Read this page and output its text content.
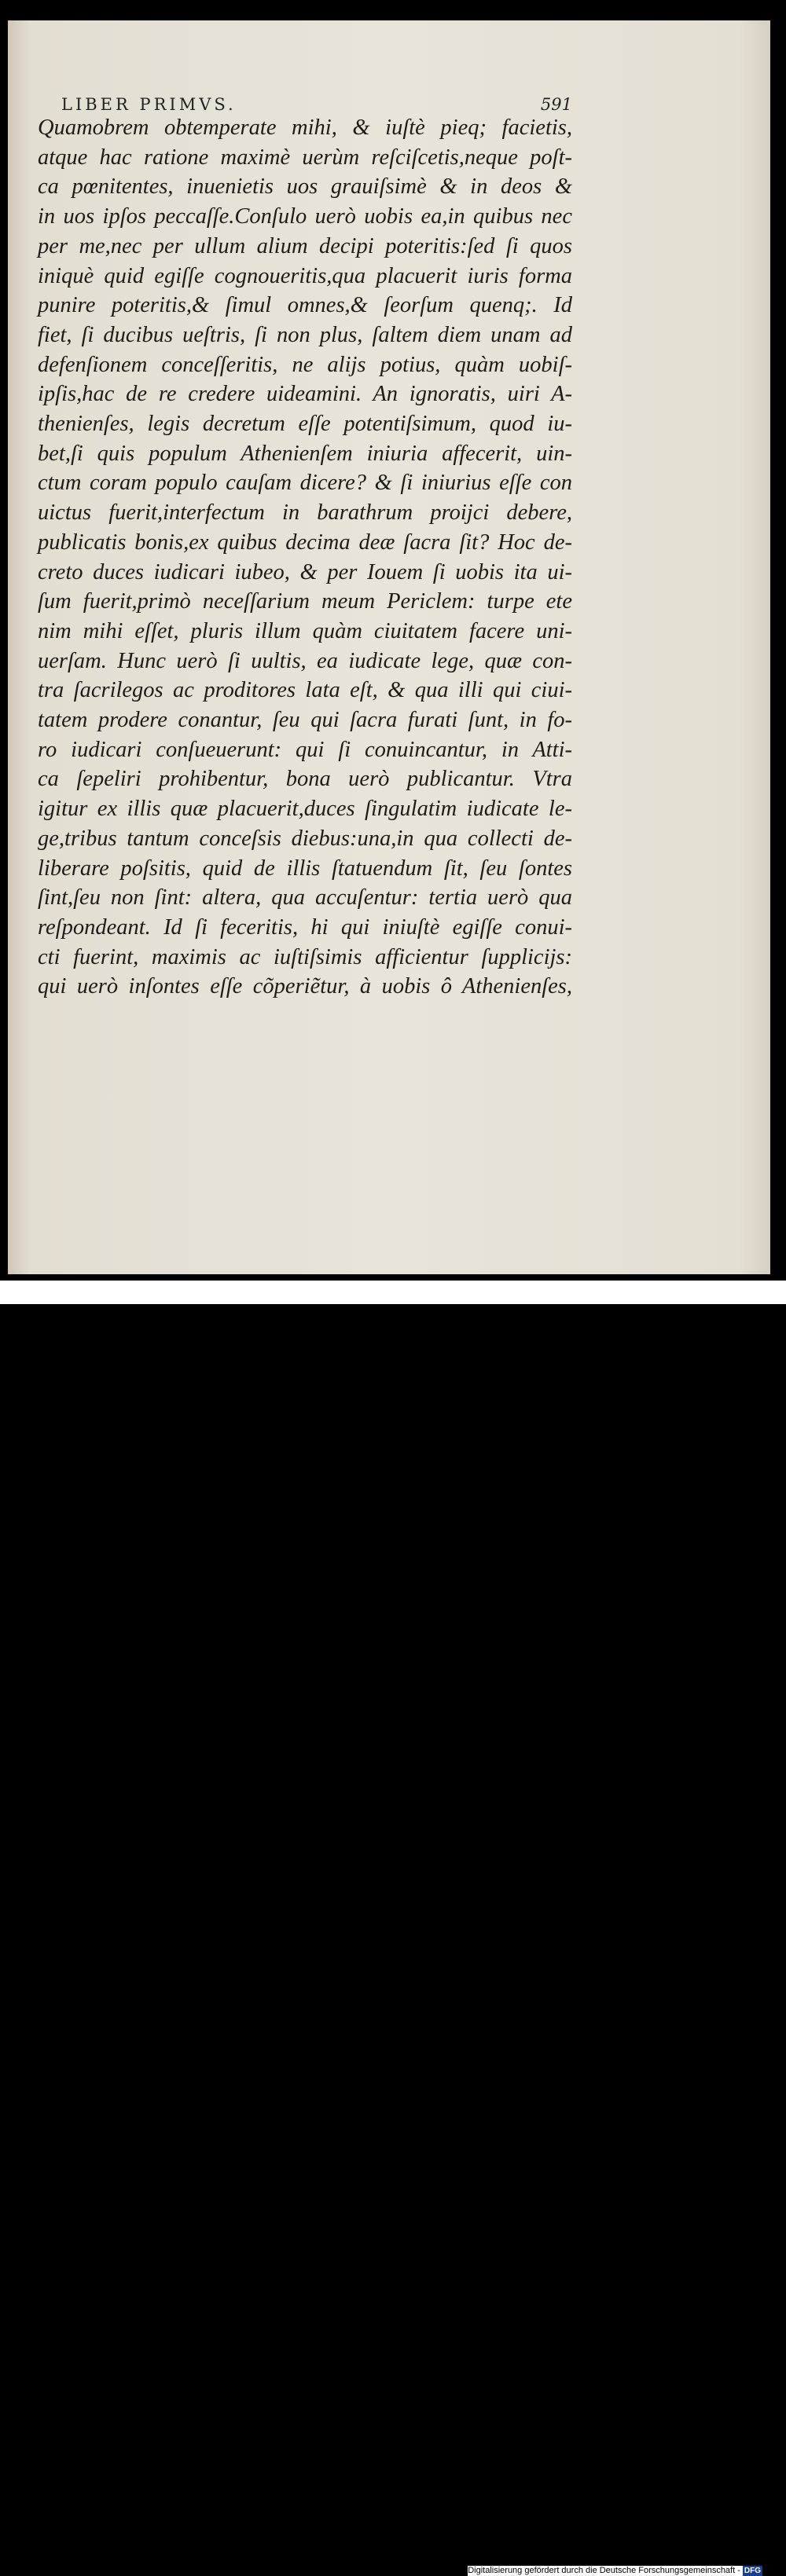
LIBER PRIMVS.	591
Quamobrem obtemperate mihi, & iuſtè pieq; facietis,
atque hac ratione maximè uerùm reſciſcetis,neque poſt-
ca pœnitentes, inuenietis uos grauiſsimè & in deos &
in uos ipſos peccaſſe.Conſulo uerò uobis ea,in quibus nec
per me,nec per ullum alium decipi poteritis:ſed ſi quos
iniquè quid egiſſe cognoueritis,qua placuerit iuris forma
punire poteritis,& ſimul omnes,& ſeorſum quenq;. Id
fiet, ſi ducibus ueſtris, ſi non plus, ſaltem diem unam ad
defenſionem conceſſeritis, ne alijs potius, quàm uobiſ-
ipſis,hac de re credere uideamini. An ignoratis, uiri A-
thenienſes, legis decretum eſſe potentiſsimum, quod iu-
bet,ſi quis populum Athenienſem iniuria affecerit, uin-
ctum coram populo cauſam dicere? & ſi iniurius eſſe con
uictus fuerit,interfectum in barathrum proijci debere,
publicatis bonis,ex quibus decima deæ ſacra ſit? Hoc de-
creto duces iudicari iubeo, & per Iouem ſi uobis ita ui-
ſum fuerit,primò neceſſarium meum Periclem: turpe ete
nim mihi eſſet, pluris illum quàm ciuitatem facere uni-
uerſam. Hunc uerò ſi uultis, ea iudicate lege, quæ con-
tra ſacrilegos ac proditores lata eſt, & qua illi qui ciui-
tatem prodere conantur, ſeu qui ſacra furati ſunt, in fo-
ro iudicari conſueuerunt: qui ſi conuincantur, in Atti-
ca ſepeliri prohibentur, bona uerò publicantur. Vtra
igitur ex illis quæ placuerit,duces ſingulatim iudicate le-
ge,tribus tantum conceſsis diebus:una,in qua collecti de-
liberare poſsitis, quid de illis ſtatuendum ſit, ſeu ſontes
ſint,ſeu non ſint: altera, qua accuſentur: tertia uerò qua
reſpondeant. Id ſi feceritis, hi qui iniuſtè egiſſe conui-
cti fuerint, maximis ac iuſtiſsimis afficientur ſupplicijs:
qui uerò inſontes eſſe cõperiẽtur, à uobis ô Athenienſes,
Digitalisierung gefördert durch die Deutsche Forschungsgemeinschaft - DFG
